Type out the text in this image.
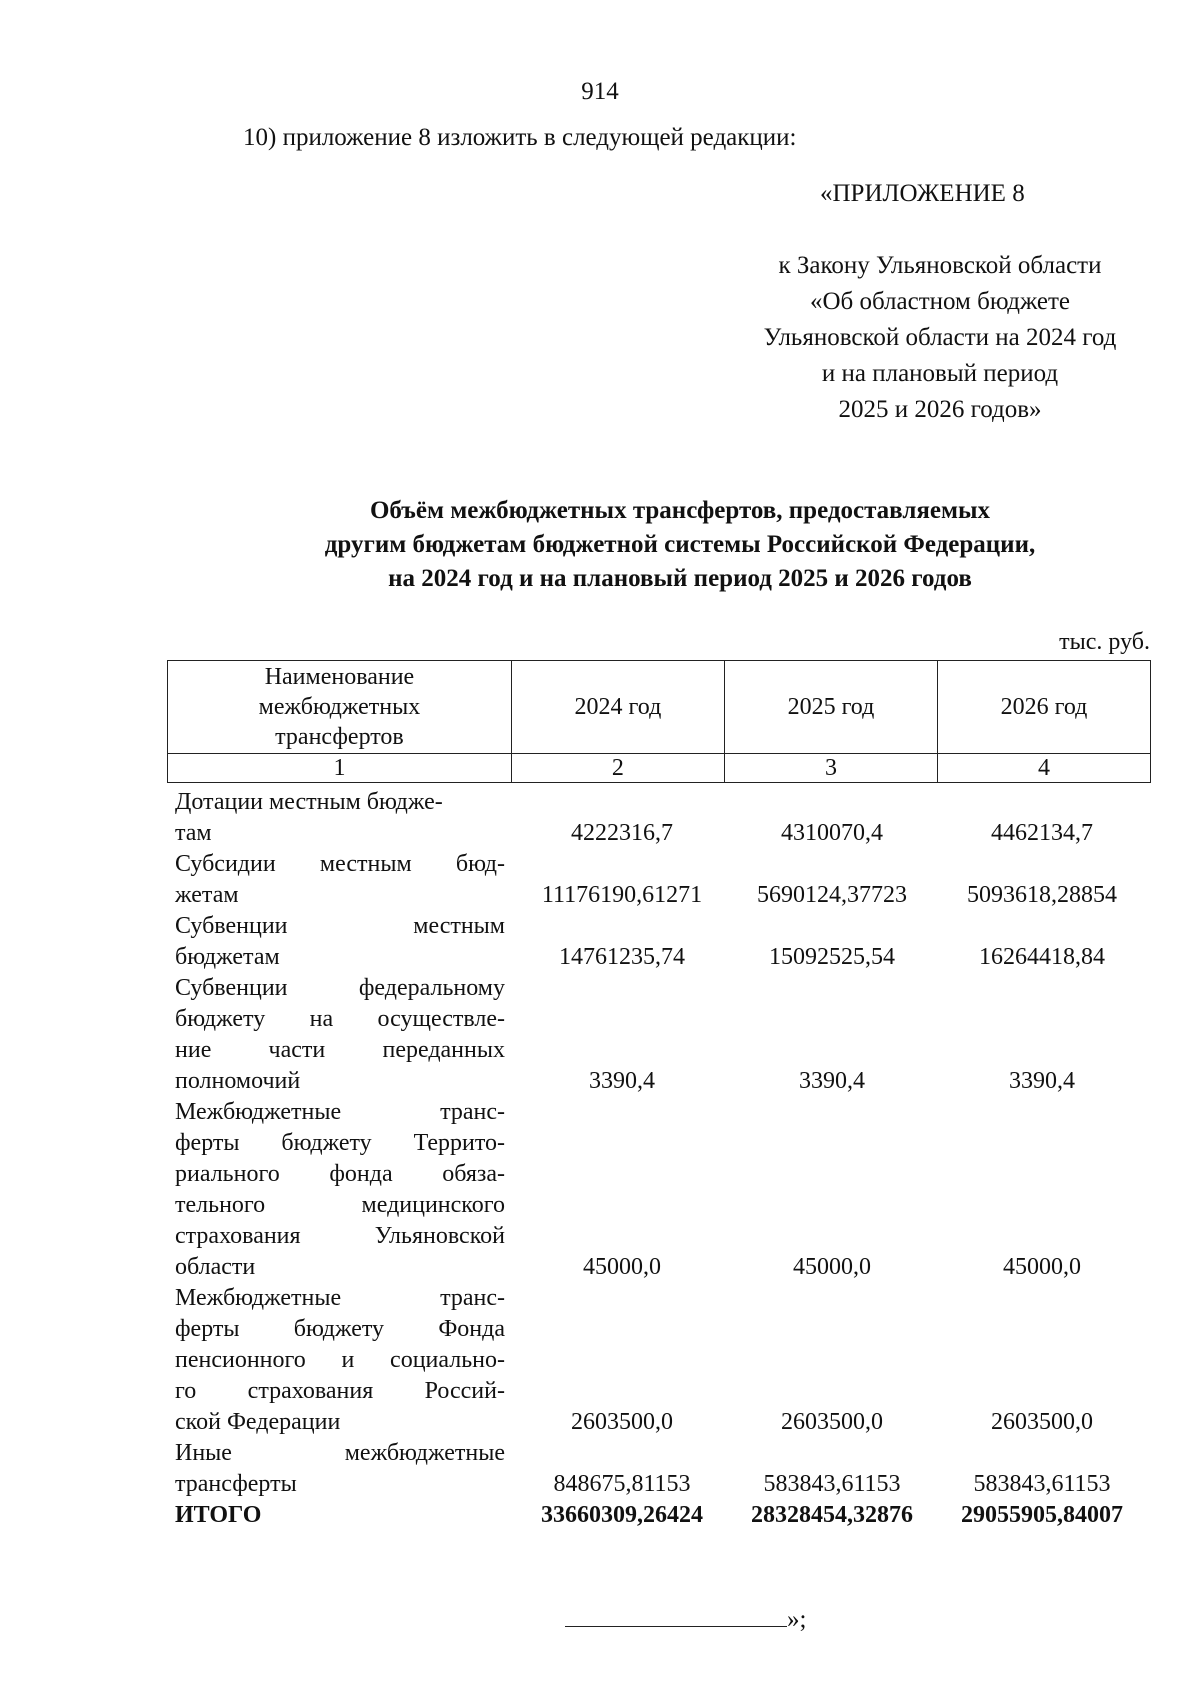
914
10) приложение 8 изложить в следующей редакции:
«ПРИЛОЖЕНИЕ 8
к Закону Ульяновской области
«Об областном бюджете
Ульяновской области на 2024 год
и на плановый период
2025 и 2026 годов»
Объём межбюджетных трансфертов, предоставляемых
другим бюджетам бюджетной системы Российской Федерации,
на 2024 год и на плановый период 2025 и 2026 годов
тыс. руб.
Наименование
межбюджетных
трансфертов	2024 год	2025 год	2026 год
1	2	3	4
Дотации местным бюдже-
там	4222316,7	4310070,4	4462134,7
Субсидии местным бюд-
жетам	11176190,61271	5690124,37723	5093618,28854
Субвенции местным
бюджетам	14761235,74	15092525,54	16264418,84
Субвенции федеральному
бюджету на осуществле-
ние части переданных
полномочий	3390,4	3390,4	3390,4
Межбюджетные транс-
ферты бюджету Террито-
риального фонда обяза-
тельного медицинского
страхования Ульяновской
области	45000,0	45000,0	45000,0
Межбюджетные транс-
ферты бюджету Фонда
пенсионного и социально-
го страхования Россий-
ской Федерации	2603500,0	2603500,0	2603500,0
Иные межбюджетные
трансферты	848675,81153	583843,61153	583843,61153
ИТОГО	33660309,26424	28328454,32876	29055905,84007
»;
